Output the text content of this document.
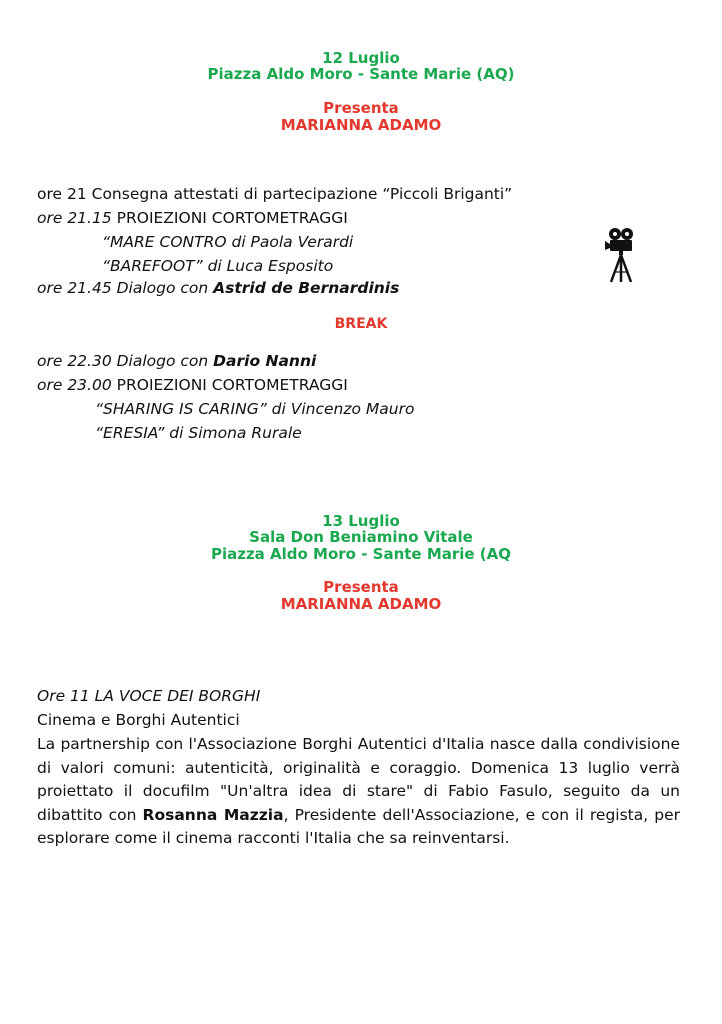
12 Luglio
Piazza Aldo Moro - Sante Marie (AQ)
Presenta
MARIANNA ADAMO
ore 21 Consegna attestati di partecipazione “Piccoli Briganti”
ore 21.15 PROIEZIONI CORTOMETRAGGI
“MARE CONTRO di Paola Verardi
“BAREFOOT” di Luca Esposito
ore 21.45 Dialogo con Astrid de Bernardinis
BREAK
ore 22.30 Dialogo con Dario Nanni
ore 23.00 PROIEZIONI CORTOMETRAGGI
“SHARING IS CARING” di Vincenzo Mauro
“ERESIA” di Simona Rurale
13 Luglio
Sala Don Beniamino Vitale
Piazza Aldo Moro - Sante Marie (AQ
Presenta
MARIANNA ADAMO
Ore 11 LA VOCE DEI BORGHI
Cinema e Borghi Autentici
La partnership con l'Associazione Borghi Autentici d'Italia nasce dalla condivisione di valori comuni: autenticità, originalità e coraggio. Domenica 13 luglio verrà proiettato il docufilm "Un'altra idea di stare" di Fabio Fasulo, seguito da un dibattito con Rosanna Mazzia, Presidente dell'Associazione, e con il regista, per esplorare come il cinema racconti l'Italia che sa reinventarsi.
